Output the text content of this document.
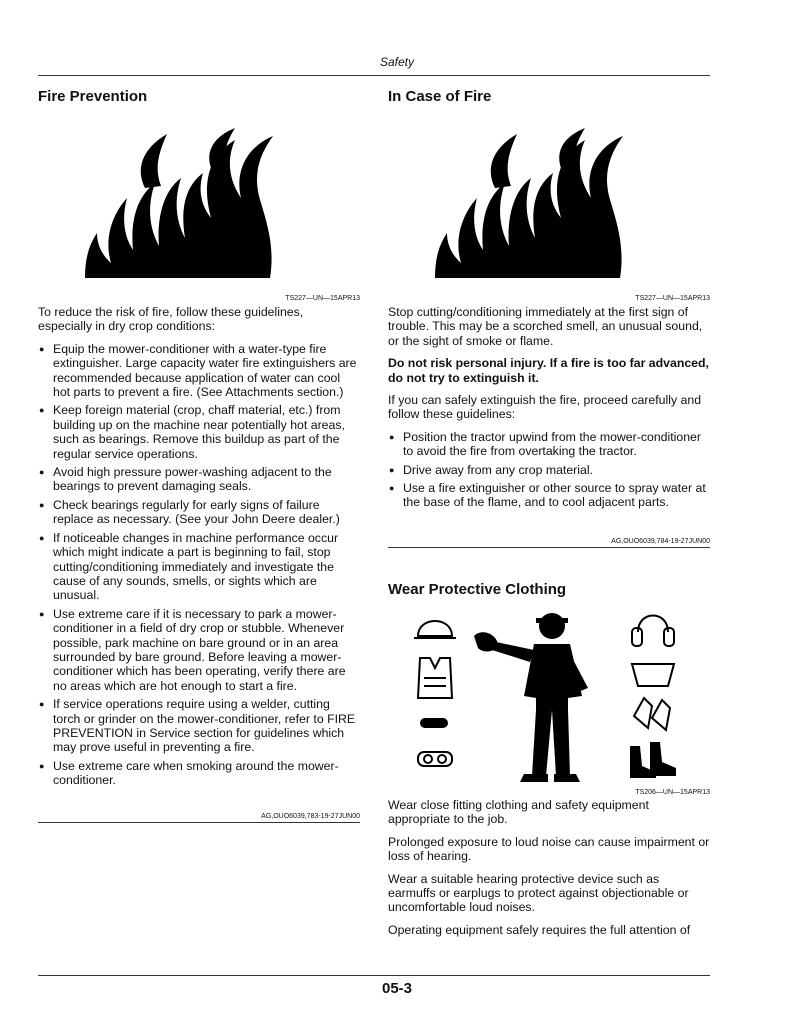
Safety
Fire Prevention
TS227—UN—15APR13

To reduce the risk of fire, follow these guidelines, especially in dry crop conditions:

● Equip the mower-conditioner with a water-type fire extinguisher. Large capacity water fire extinguishers are recommended because application of water can cool hot parts to prevent a fire. (See Attachments section.)
● Keep foreign material (crop, chaff material, etc.) from building up on the machine near potentially hot areas, such as bearings. Remove this buildup as part of the regular service operations.
● Avoid high pressure power-washing adjacent to the bearings to prevent damaging seals.
● Check bearings regularly for early signs of failure replace as necessary. (See your John Deere dealer.)
● If noticeable changes in machine performance occur which might indicate a part is beginning to fail, stop cutting/conditioning immediately and investigate the cause of any sounds, smells, or sights which are unusual.
● Use extreme care if it is necessary to park a mower-conditioner in a field of dry crop or stubble. Whenever possible, park machine on bare ground or in an area surrounded by bare ground. Before leaving a mower-conditioner which has been operating, verify there are no areas which are hot enough to start a fire.
● If service operations require using a welder, cutting torch or grinder on the mower-conditioner, refer to FIRE PREVENTION in Service section for guidelines which may prove useful in preventing a fire.
● Use extreme care when smoking around the mower-conditioner.
AG,OUO6039,783-19-27JUN00
In Case of Fire
TS227—UN—15APR13

Stop cutting/conditioning immediately at the first sign of trouble. This may be a scorched smell, an unusual sound, or the sight of smoke or flame.

Do not risk personal injury. If a fire is too far advanced, do not try to extinguish it.

If you can safely extinguish the fire, proceed carefully and follow these guidelines:

● Position the tractor upwind from the mower-conditioner to avoid the fire from overtaking the tractor.
● Drive away from any crop material.
● Use a fire extinguisher or other source to spray water at the base of the flame, and to cool adjacent parts.
AG,OUO6039,784-19-27JUN00
Wear Protective Clothing
TS206—UN—15APR13

Wear close fitting clothing and safety equipment appropriate to the job.

Prolonged exposure to loud noise can cause impairment or loss of hearing.

Wear a suitable hearing protective device such as earmuffs or earplugs to protect against objectionable or uncomfortable loud noises.

Operating equipment safely requires the full attention of

05-3
